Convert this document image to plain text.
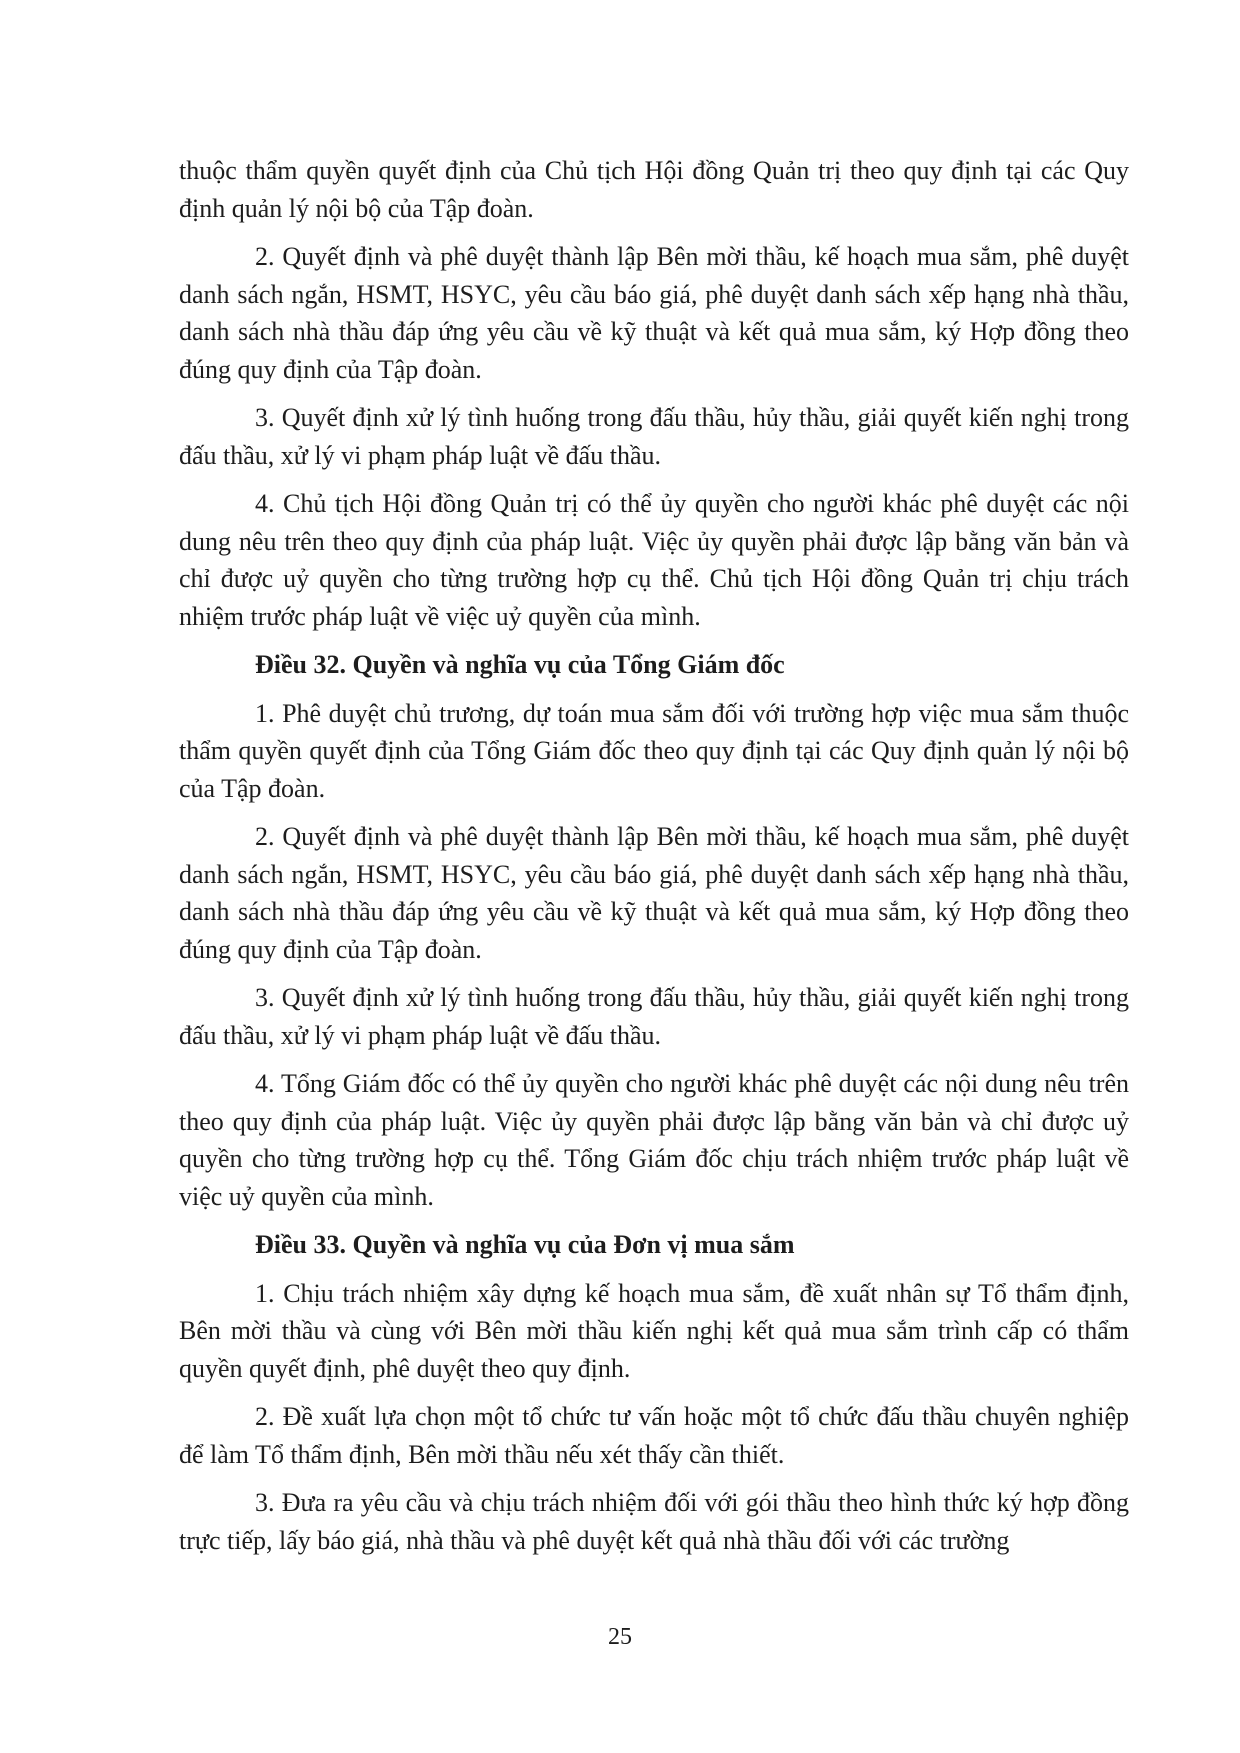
thuộc thẩm quyền quyết định của Chủ tịch Hội đồng Quản trị theo quy định tại các Quy định quản lý nội bộ của Tập đoàn.

2. Quyết định và phê duyệt thành lập Bên mời thầu, kế hoạch mua sắm, phê duyệt danh sách ngắn, HSMT, HSYC, yêu cầu báo giá, phê duyệt danh sách xếp hạng nhà thầu, danh sách nhà thầu đáp ứng yêu cầu về kỹ thuật và kết quả mua sắm, ký Hợp đồng theo đúng quy định của Tập đoàn.

3. Quyết định xử lý tình huống trong đấu thầu, hủy thầu, giải quyết kiến nghị trong đấu thầu, xử lý vi phạm pháp luật về đấu thầu.

4. Chủ tịch Hội đồng Quản trị có thể ủy quyền cho người khác phê duyệt các nội dung nêu trên theo quy định của pháp luật. Việc ủy quyền phải được lập bằng văn bản và chỉ được uỷ quyền cho từng trường hợp cụ thể. Chủ tịch Hội đồng Quản trị chịu trách nhiệm trước pháp luật về việc uỷ quyền của mình.

Điều 32. Quyền và nghĩa vụ của Tổng Giám đốc

1. Phê duyệt chủ trương, dự toán mua sắm đối với trường hợp việc mua sắm thuộc thẩm quyền quyết định của Tổng Giám đốc theo quy định tại các Quy định quản lý nội bộ của Tập đoàn.

2. Quyết định và phê duyệt thành lập Bên mời thầu, kế hoạch mua sắm, phê duyệt danh sách ngắn, HSMT, HSYC, yêu cầu báo giá, phê duyệt danh sách xếp hạng nhà thầu, danh sách nhà thầu đáp ứng yêu cầu về kỹ thuật và kết quả mua sắm, ký Hợp đồng theo đúng quy định của Tập đoàn.

3. Quyết định xử lý tình huống trong đấu thầu, hủy thầu, giải quyết kiến nghị trong đấu thầu, xử lý vi phạm pháp luật về đấu thầu.

4. Tổng Giám đốc có thể ủy quyền cho người khác phê duyệt các nội dung nêu trên theo quy định của pháp luật. Việc ủy quyền phải được lập bằng văn bản và chỉ được uỷ quyền cho từng trường hợp cụ thể. Tổng Giám đốc chịu trách nhiệm trước pháp luật về việc uỷ quyền của mình.

Điều 33. Quyền và nghĩa vụ của Đơn vị mua sắm

1. Chịu trách nhiệm xây dựng kế hoạch mua sắm, đề xuất nhân sự Tổ thẩm định, Bên mời thầu và cùng với Bên mời thầu kiến nghị kết quả mua sắm trình cấp có thẩm quyền quyết định, phê duyệt theo quy định.

2. Đề xuất lựa chọn một tổ chức tư vấn hoặc một tổ chức đấu thầu chuyên nghiệp để làm Tổ thẩm định, Bên mời thầu nếu xét thấy cần thiết.

3. Đưa ra yêu cầu và chịu trách nhiệm đối với gói thầu theo hình thức ký hợp đồng trực tiếp, lấy báo giá, nhà thầu và phê duyệt kết quả nhà thầu đối với các trường

25
